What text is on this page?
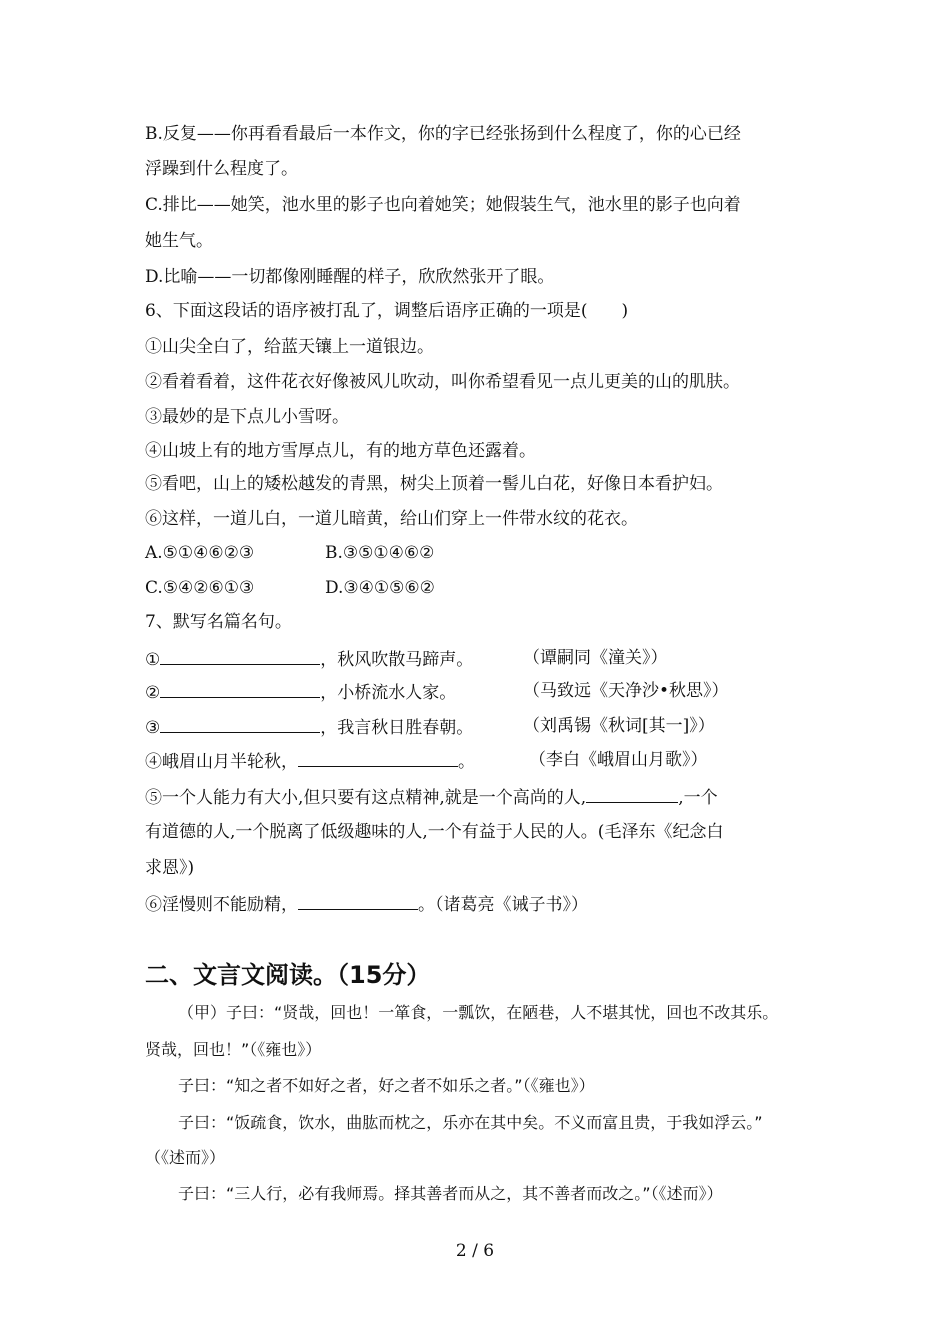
B.反复——你再看看最后一本作文，你的字已经张扬到什么程度了，你的心已经
浮躁到什么程度了。
C.排比——她笑，池水里的影子也向着她笑；她假装生气，池水里的影子也向着
她生气。
D.比喻——一切都像刚睡醒的样子，欣欣然张开了眼。
6、下面这段话的语序被打乱了，调整后语序正确的一项是(　　)
①山尖全白了，给蓝天镶上一道银边。
②看着看着，这件花衣好像被风儿吹动，叫你希望看见一点儿更美的山的肌肤。
③最妙的是下点儿小雪呀。
④山坡上有的地方雪厚点儿，有的地方草色还露着。
⑤看吧，山上的矮松越发的青黑，树尖上顶着一髻儿白花，好像日本看护妇。
⑥这样，一道儿白，一道儿暗黄，给山们穿上一件带水纹的花衣。
A.⑤①④⑥②③	B.③⑤①④⑥②
C.⑤④②⑥①③	D.③④①⑤⑥②
7、默写名篇名句。
①	，秋风吹散马蹄声。	（谭嗣同《潼关》）
②	，小桥流水人家。	（马致远《天净沙•秋思》）
③	，我言秋日胜春朝。	（刘禹锡《秋词[其一]》）
④峨眉山月半轮秋，	。	（李白《峨眉山月歌》）
⑤一个人能力有大小,但只要有这点精神,就是一个高尚的人,	,一个
有道德的人,一个脱离了低级趣味的人,一个有益于人民的人。(毛泽东《纪念白
求恩》)
⑥淫慢则不能励精，	。（诸葛亮《诫子书》）
二、文言文阅读。（15分）
（甲）子曰：“贤哉，回也！一箪食，一瓢饮，在陋巷，人不堪其忧，回也不改其乐。
贤哉，回也！”（《雍也》）
子曰：“知之者不如好之者，好之者不如乐之者。”（《雍也》）
子曰：“饭疏食，饮水，曲肱而枕之，乐亦在其中矣。不义而富且贵，于我如浮云。”
（《述而》）
子曰：“三人行，必有我师焉。择其善者而从之，其不善者而改之。”（《述而》）
2 / 6
